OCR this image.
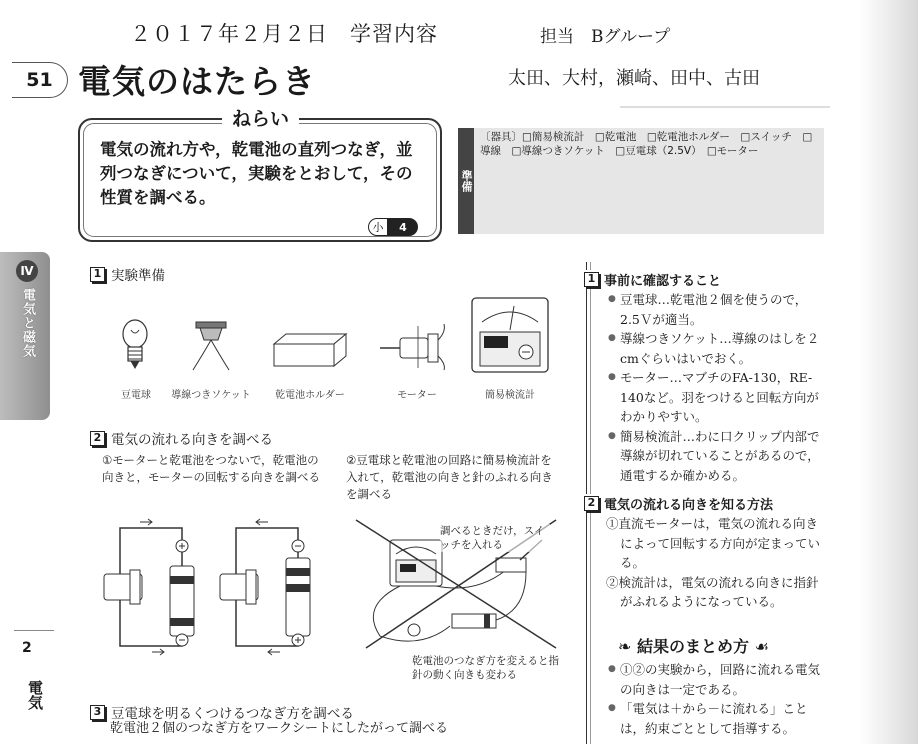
２０１７年２月２日　学習内容	担当　Bグループ
太田、大村，瀬崎、田中、古田
51 電気のはたらき
ねらい
電気の流れ方や，乾電池の直列つなぎ，並列つなぎについて，実験をとおして，その性質を調べる。
小	4
準備
〔器具〕□簡易検流計　□乾電池　□乾電池ホルダー　□スイッチ　□導線　□導線つきソケット　□豆電球（2.5V）　□モーター
Ⅳ
電気と磁気
2
電気
1 実験準備
豆電球	導線つきソケット	乾電池ホルダー	モーター	簡易検流計
2 電気の流れる向きを調べる
①モーターと乾電池をつないで，乾電池の向きと，モーターの回転する向きを調べる
②豆電球と乾電池の回路に簡易検流計を入れて，乾電池の向きと針のふれる向きを調べる
調べるときだけ，スイッチを入れる
乾電池のつなぎ方を変えると指針の動く向きも変わる
3 豆電球を明るくつけるつなぎ方を調べる
乾電池２個のつなぎ方をワークシートにしたがって調べる
1 事前に確認すること
● 豆電球…乾電池２個を使うので，2.5Ｖが適当。
● 導線つきソケット…導線のはしを２cmぐらいはいでおく。
● モーター…マブチのFA-130，RE-140など。羽をつけると回転方向がわかりやすい。
● 簡易検流計…わに口クリップ内部で導線が切れていることがあるので，通電するか確かめる。
2 電気の流れる向きを知る方法
①直流モーターは，電気の流れる向きによって回転する方向が定まっている。
②検流計は，電気の流れる向きに指針がふれるようになっている。
❧ 結果のまとめ方 ☙
● ①②の実験から，回路に流れる電気の向きは一定である。
● 「電気は＋から－に流れる」ことは，約束ごととして指導する。
